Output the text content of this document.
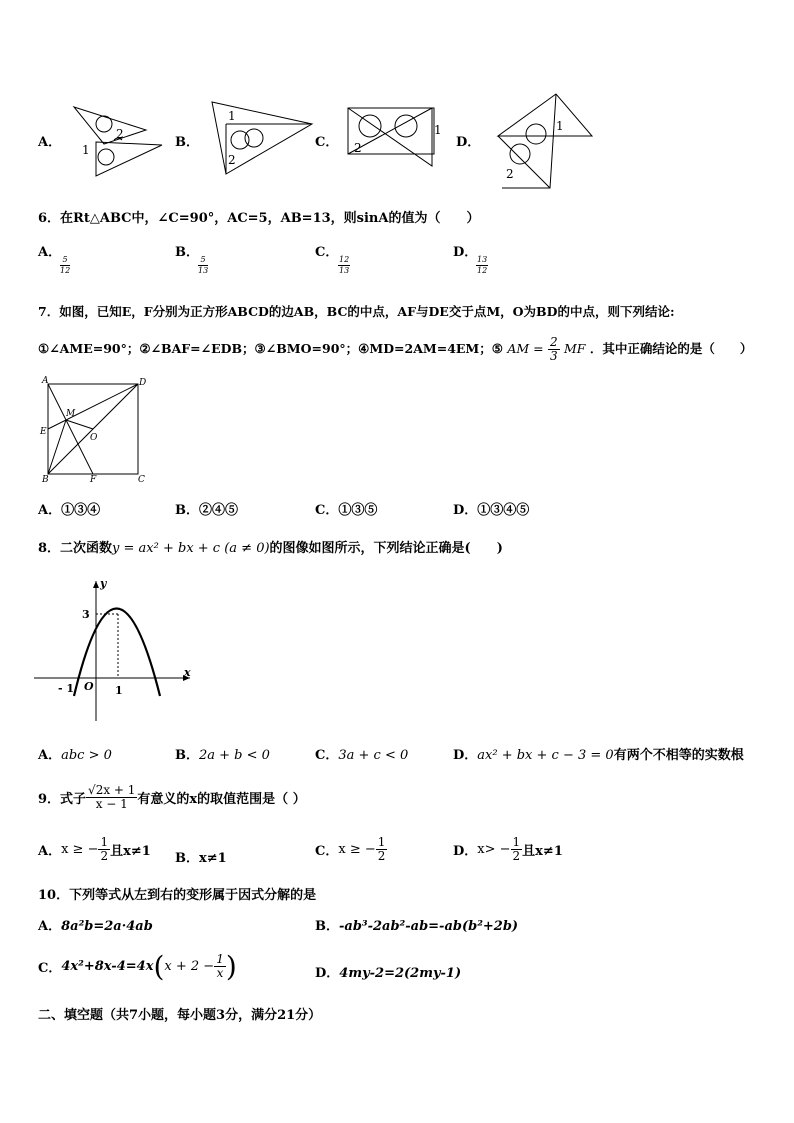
A． 1
2
B．
1
2
C．
1
2	D．
1
2
6．在Rt△ABC中，∠C=90°，AC=5，AB=13，则sinA的值为（　　）
A．
$\frac{5}{12}$
B．
$\frac{5}{13}$
C．
$\frac{12}{13}$
D．
$\frac{13}{12}$
7．如图，已知E，F分别为正方形ABCD的边AB，BC的中点，AF与DE交于点M，O为BD的中点，则下列结论:
①∠AME=90°；②∠BAF=∠EDB；③∠BMO=90°；④MD=2AM=4EM；⑤ AM = $\frac{2}{3}$ MF ．其中正确结论的是（　　）
A	D
M
E
O
B	F	C
A．①③④	B．②④⑤	C．①③⑤	D．①③④⑤
8．二次函数y = ax² + bx + c (a ≠ 0)的图像如图所示，下列结论正确是(　　)
y
x
3
- 1 O 1
A．abc > 0	B．2a + b < 0	C．3a + c < 0	D．ax² + bx + c − 3 = 0有两个不相等的实数根
9．式子 $\frac{√2x + 1}{x - 1}$ 有意义的x的取值范围是（ ）
A．x ≥ − $\frac{1}{2}$ 且x≠1 B．x≠1	C．x ≥ − $\frac{1}{2}$	D．$x> - \frac{1}{2}$ 且x≠1
10．下列等式从左到右的变形属于因式分解的是
A．8a²b=2a·4ab	B．-ab³-2ab²-ab=-ab(b²+2b)
C．$4x^2+8x-4=4x(x + 2 - \frac{1}{x}$ )	D．4my-2=2(2my-1)
二、填空题（共7小题，每小题3分，满分21分）
